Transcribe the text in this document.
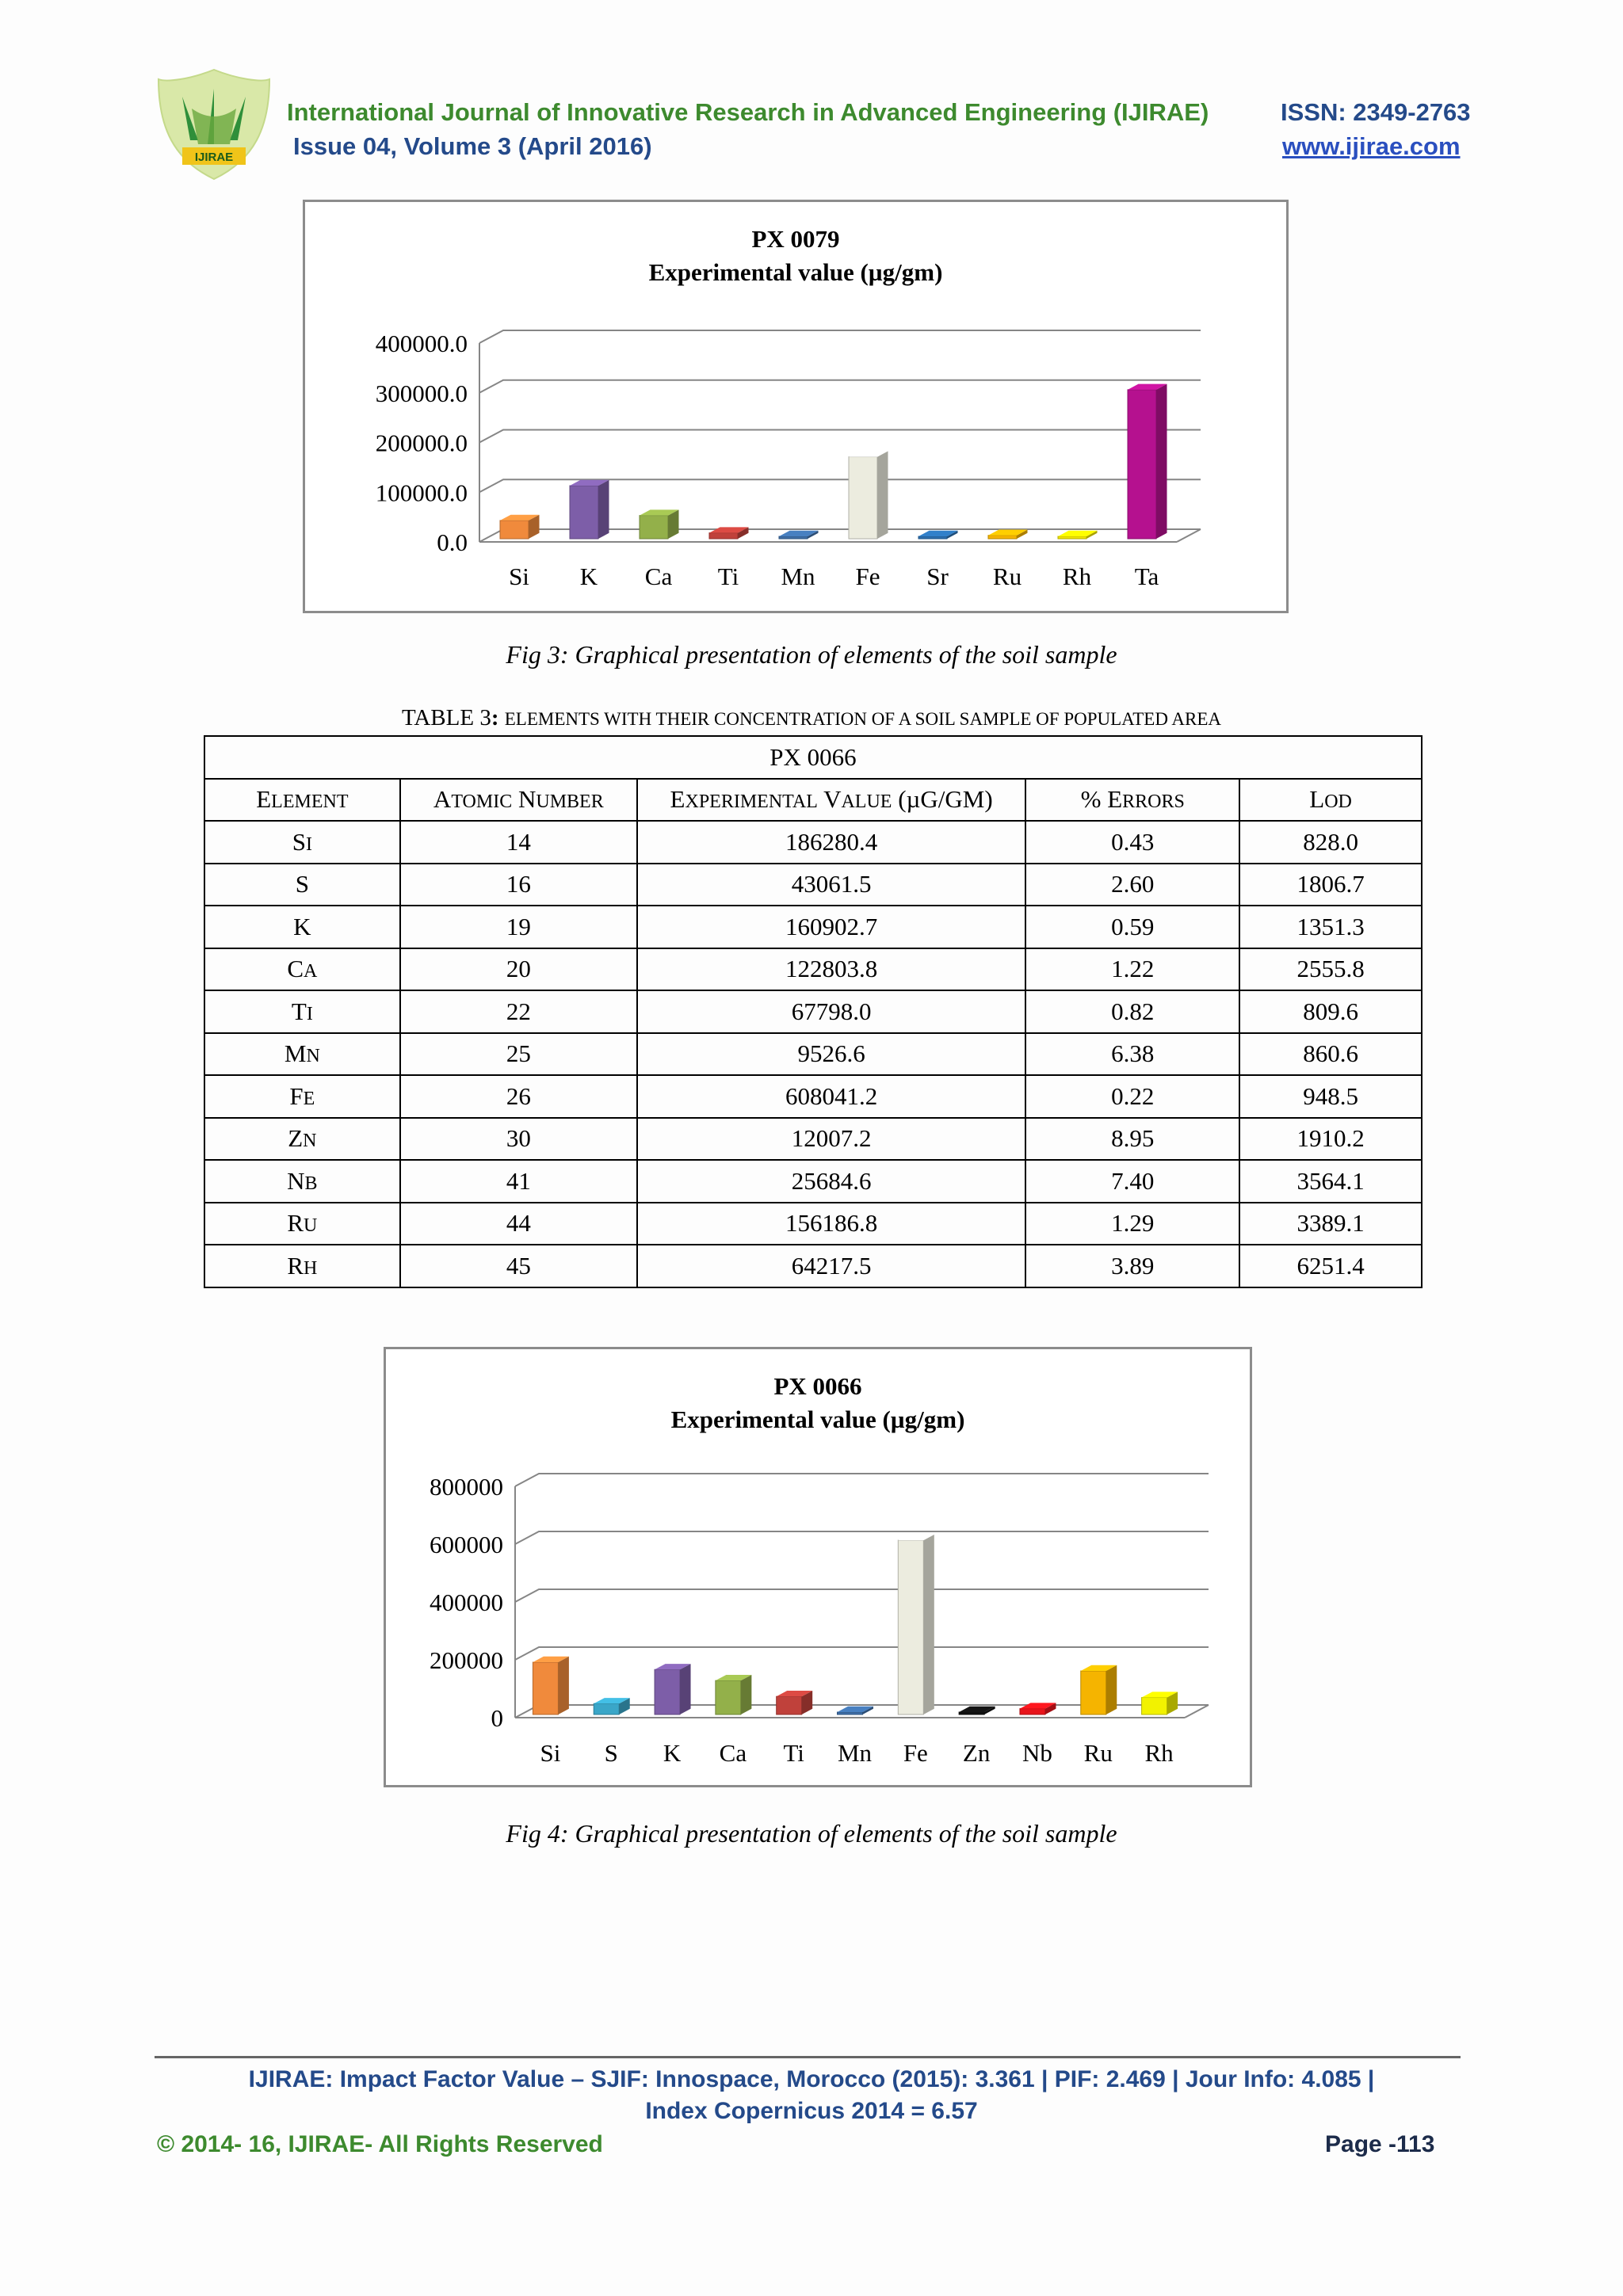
IJIRAE
International Journal of Innovative Research in Advanced Engineering (IJIRAE)	ISSN: 2349-2763
Issue 04, Volume 3 (April 2016)	www.ijirae.com
PX 0079
Experimental value (µg/gm)
0.0
100000.0
200000.0
300000.0
400000.0
Si K Ca Ti Mn Fe Sr Ru Rh Ta
Fig 3: Graphical presentation of elements of the soil sample
TABLE 3: ELEMENTS WITH THEIR CONCENTRATION OF A SOIL SAMPLE OF POPULATED AREA
PX 0066				
ELEMENT	ATOMIC NUMBER	EXPERIMENTAL VALUE (µG/GM)	% ERRORS	LOD
SI	14	186280.4	0.43	828.0
S	16	43061.5	2.60	1806.7
K	19	160902.7	0.59	1351.3
CA	20	122803.8	1.22	2555.8
TI	22	67798.0	0.82	809.6
MN	25	9526.6	6.38	860.6
FE	26	608041.2	0.22	948.5
ZN	30	12007.2	8.95	1910.2
NB	41	25684.6	7.40	3564.1
RU	44	156186.8	1.29	3389.1
RH	45	64217.5	3.89	6251.4
PX 0066
Experimental value (µg/gm)
0
200000
400000
600000
800000
Si S K Ca Ti Mn Fe Zn Nb Ru Rh
Fig 4: Graphical presentation of elements of the soil sample
IJIRAE: Impact Factor Value – SJIF: Innospace, Morocco (2015): 3.361 | PIF: 2.469 | Jour Info: 4.085 |
Index Copernicus 2014 = 6.57
© 2014- 16, IJIRAE- All Rights Reserved	Page -113
